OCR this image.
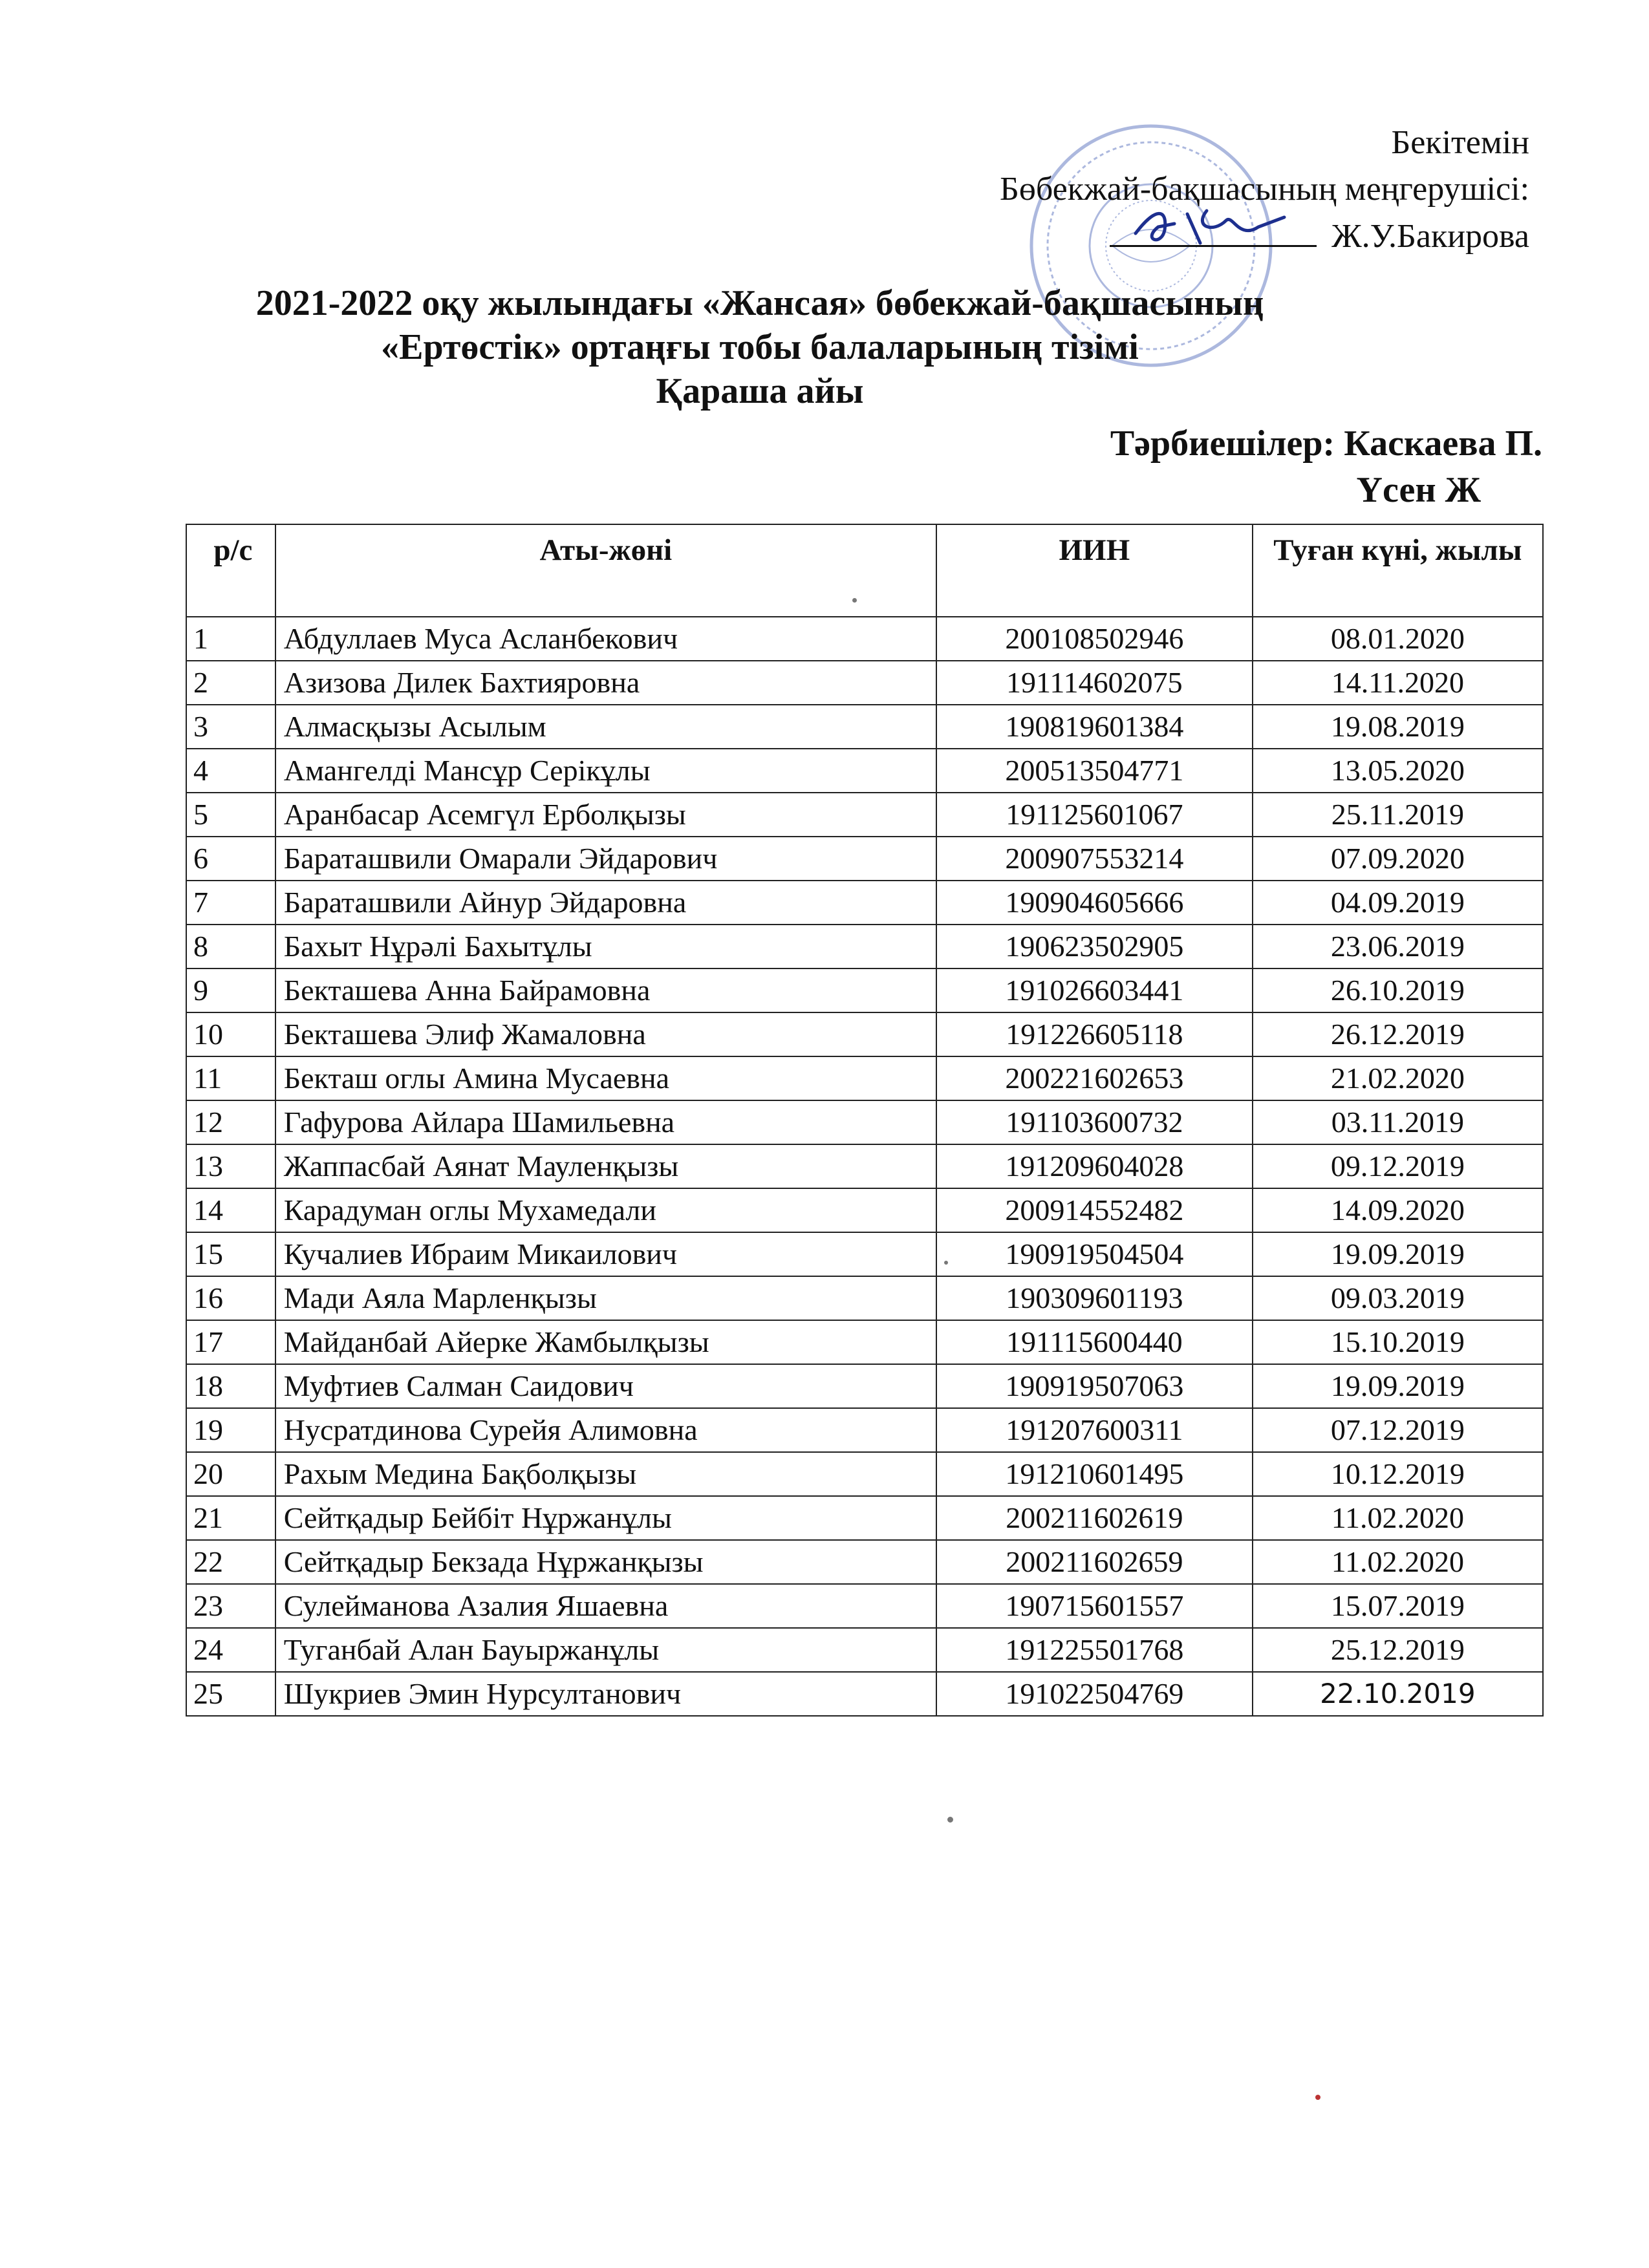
Бекітемін
Бөбекжай-бақшасының меңгерушісі:
Ж.У.Бакирова
2021-2022 оқу жылындағы «Жансая» бөбекжай-бақшасының
«Ертөстік» ортаңғы тобы балаларының тізімі
Қараша айы
Тәрбиешілер: Каскаева П.
Үсен Ж
р/с	Аты-жөні	ИИН	Туған күні, жылы
1	Абдуллаев Муса Асланбекович	200108502946	08.01.2020
2	Азизова Дилек Бахтияровна	191114602075	14.11.2020
3	Алмасқызы Асылым	190819601384	19.08.2019
4	Амангелді Мансұр Серікұлы	200513504771	13.05.2020
5	Аранбасар Асемгүл Ерболқызы	191125601067	25.11.2019
6	Бараташвили Омарали Эйдарович	200907553214	07.09.2020
7	Бараташвили Айнур Эйдаровна	190904605666	04.09.2019
8	Бахыт Нұрәлі Бахытұлы	190623502905	23.06.2019
9	Бекташева Анна Байрамовна	191026603441	26.10.2019
10	Бекташева Элиф Жамаловна	191226605118	26.12.2019
11	Бекташ оглы Амина Мусаевна	200221602653	21.02.2020
12	Гафурова Айлара Шамильевна	191103600732	03.11.2019
13	Жаппасбай Аянат Мауленқызы	191209604028	09.12.2019
14	Карадуман оглы Мухамедали	200914552482	14.09.2020
15	Кучалиев Ибраим Микаилович	190919504504	19.09.2019
16	Мади Аяла Марленқызы	190309601193	09.03.2019
17	Майданбай Айерке Жамбылқызы	191115600440	15.10.2019
18	Муфтиев Салман Саидович	190919507063	19.09.2019
19	Нусратдинова Сурейя Алимовна	191207600311	07.12.2019
20	Рахым Медина Бақболқызы	191210601495	10.12.2019
21	Сейтқадыр Бейбіт Нұржанұлы	200211602619	11.02.2020
22	Сейтқадыр Бекзада Нұржанқызы	200211602659	11.02.2020
23	Сулейманова Азалия Яшаевна	190715601557	15.07.2019
24	Туганбай Алан Бауыржанұлы	191225501768	25.12.2019
25	Шукриев Эмин Нурсултанович	191022504769	22.10.2019
